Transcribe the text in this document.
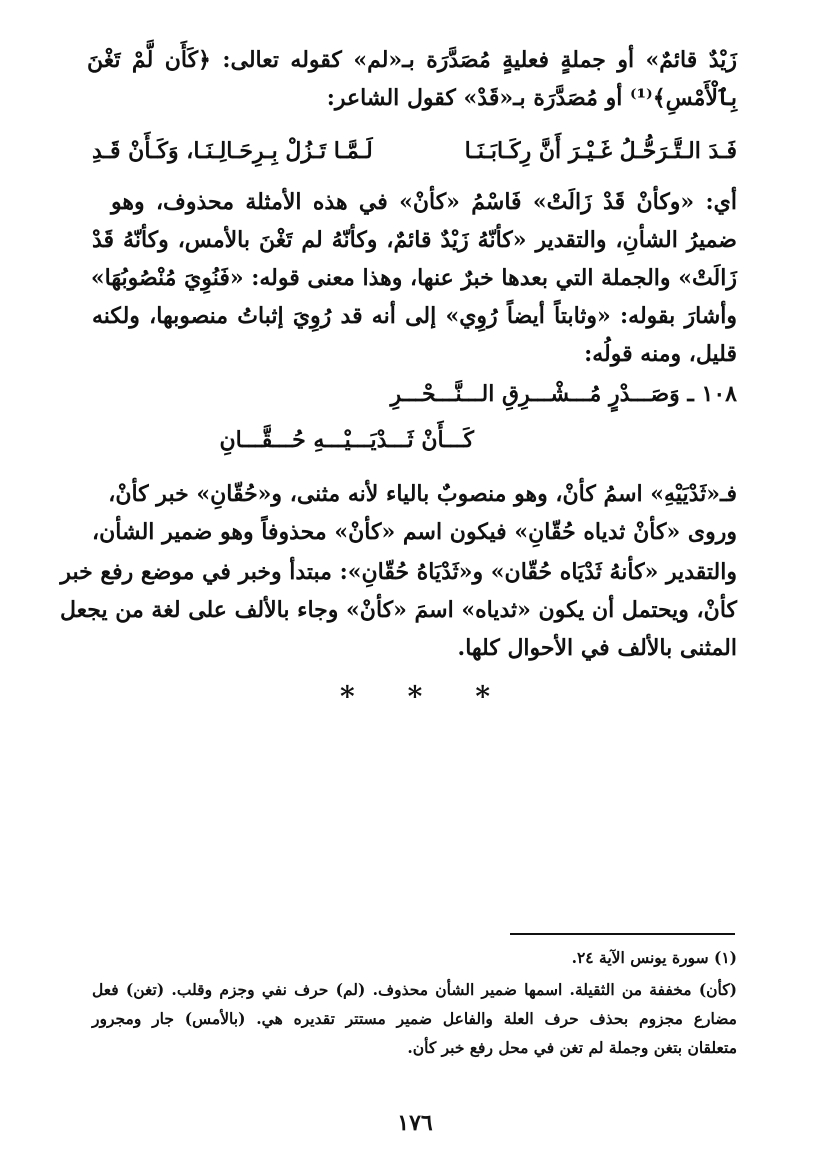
زَيْدٌ قائمٌ» أو جملةٍ فعليةٍ مُصَدَّرَة بـ«لم» كقوله تعالى: ﴿كَأَن لَّمْ تَغْنَ
بِٱلْأَمْسِ﴾⁽¹⁾ أو مُصَدَّرَة بـ«قَدْ» كقول الشاعر:
فَـدَ الـتَّـرَحُّـلُ غَـيْـرَ أَنَّ رِكَـابَـنَـا
لَـمَّـا تَـزُلْ بِـرِحَـالِـنَـا، وَكَـأَنْ قَـدِ
أي: «وكأنْ قَدْ زَالَتْ» فَاسْمُ «كأنْ» في هذه الأمثلة محذوف، وهو
ضميرُ الشأنِ، والتقدير «كأنّهُ زَيْدٌ قائمٌ، وكأنّهُ لم تَغْنَ بالأمس، وكأنّهُ قَدْ
زَالَتْ» والجملة التي بعدها خبرٌ عنها، وهذا معنى قوله: «فَنُوِيَ مُنْصُوبُهَا»
وأشارَ بقوله: «وثابتاً أيضاً رُوِي» إلى أنه قد رُوِيَ إثباتُ منصوبها، ولكنه
قليل، ومنه قولُه:
١٠٨ ـ وَصَـــدْرٍ مُـــشْـــرِقِ الـــنَّـــحْـــرِ
كَـــأَنْ ثَـــدْيَـــيْـــهِ حُـــقَّـــانِ
فـ«ثَدْيَيْهِ» اسمُ كأنْ، وهو منصوبٌ بالياء لأنه مثنى، و«حُقّانِ» خبر كأنْ،
وروى «كأنْ ثدياه حُقّانِ» فيكون اسم «كأنْ» محذوفاً وهو ضمير الشأن،
والتقدير «كأنهُ ثَدْيَاه حُقّان» و«ثَدْيَاهُ حُقّانِ»: مبتدأ وخبر في موضع رفع خبر
كأنْ، ويحتمل أن يكون «ثدياه» اسمَ «كأنْ» وجاء بالألف على لغة من يجعل
المثنى بالألف في الأحوال كلها.
* * *
(١) سورة يونس الآية ٢٤.
(كأن) مخففة من الثقيلة. اسمها ضمير الشأن محذوف. (لم) حرف نفي وجزم وقلب. (تغن) فعل
مضارع مجزوم بحذف حرف العلة والفاعل ضمير مستتر تقديره هي. (بالأمس) جار ومجرور
متعلقان بتغن وجملة لم تغن في محل رفع خبر كأن.
١٧٦
